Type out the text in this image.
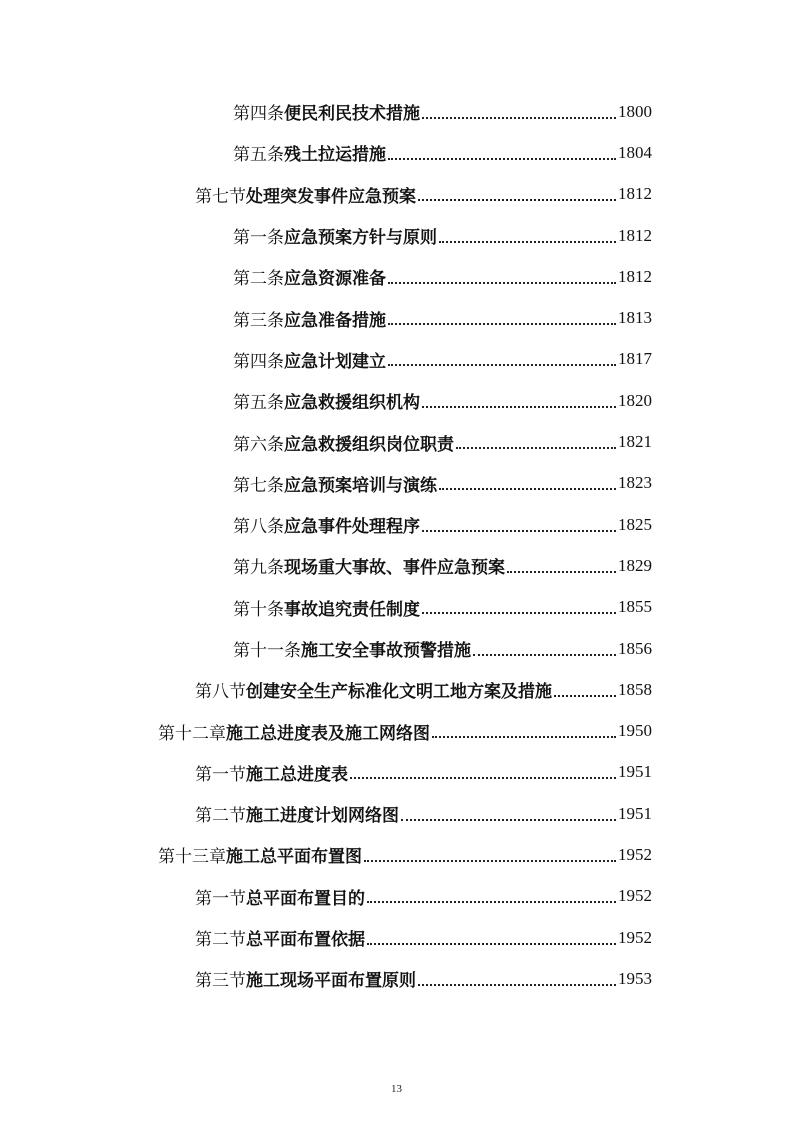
第四条 便民利民技术措施	1800
第五条 残土拉运措施	1804
第七节 处理突发事件应急预案	1812
第一条 应急预案方针与原则	1812
第二条 应急资源准备	1812
第三条 应急准备措施	1813
第四条 应急计划建立	1817
第五条 应急救援组织机构	1820
第六条 应急救援组织岗位职责	1821
第七条 应急预案培训与演练	1823
第八条 应急事件处理程序	1825
第九条 现场重大事故、事件应急预案	1829
第十条 事故追究责任制度	1855
第十一条 施工安全事故预警措施	1856
第八节 创建安全生产标准化文明工地方案及措施	1858
第十二章 施工总进度表及施工网络图	1950
第一节 施工总进度表	1951
第二节 施工进度计划网络图	1951
第十三章 施工总平面布置图	1952
第一节 总平面布置目的	1952
第二节 总平面布置依据	1952
第三节 施工现场平面布置原则	1953
13
